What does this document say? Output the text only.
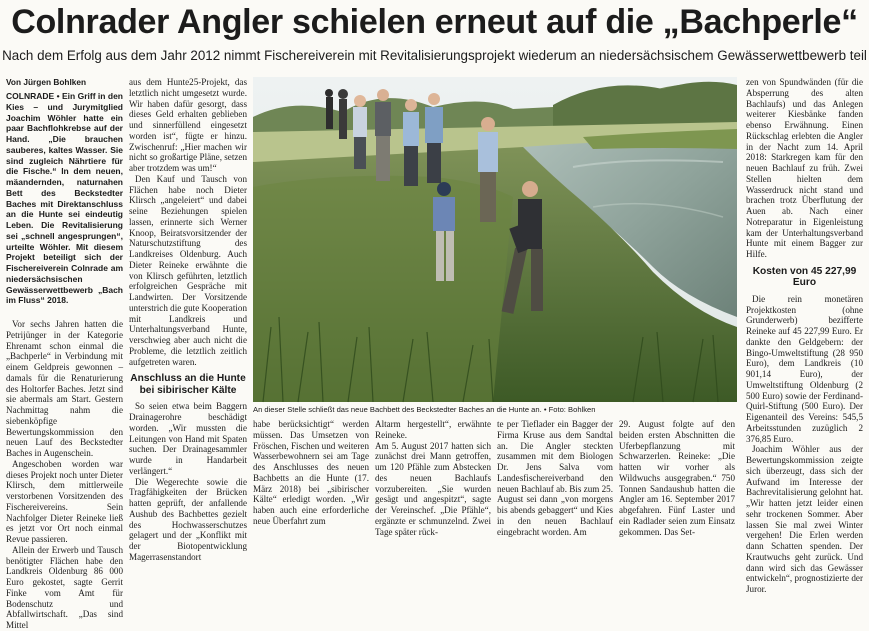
Colnrader Angler schielen erneut auf die „Bachperle“
Nach dem Erfolg aus dem Jahr 2012 nimmt Fischereiverein mit Revitalisierungsprojekt wiederum an niedersächsischem Gewässerwettbewerb teil
Von Jürgen Bohlken
COLNRADE • Ein Griff in den Kies – und Jurymitglied Joachim Wöhler hatte ein paar Bachflohkrebse auf der Hand. „Die brauchen sauberes, kaltes Wasser. Sie sind zugleich Nährtiere für die Fische.“ In dem neuen, mäandernden, naturnahen Bett des Beckstedter Baches mit Direktanschluss an die Hunte sei eindeutig Leben. Die Revitalisierung sei „schnell angesprungen“, urteilte Wöhler. Mit diesem Projekt beteiligt sich der Fischereiverein Colnrade am niedersächsischen Gewässerwettbewerb „Bach im Fluss“ 2018.

Vor sechs Jahren hatten die Petrijünger in der Kategorie Ehrenamt schon einmal die „Bachperle“ in Verbindung mit einem Geldpreis gewonnen – damals für die Renaturierung des Holtorfer Baches. Jetzt sind sie abermals am Start. Gestern Nachmittag nahm die siebenköpfige Bewertungskommission den neuen Lauf des Beckstedter Baches in Augenschein.

Angeschoben worden war dieses Projekt noch unter Dieter Klirsch, dem mittlerweile verstorbenen Vorsitzenden des Fischereivereins. Sein Nachfolger Dieter Reineke ließ es jetzt vor Ort noch einmal Revue passieren.

Allein der Erwerb und Tausch benötigter Flächen habe den Landkreis Oldenburg 86 000 Euro gekostet, sagte Gerrit Finke vom Amt für Bodenschutz und Abfallwirtschaft. „Das sind Mittel

aus dem Hunte25-Projekt, das letztlich nicht umgesetzt wurde. Wir haben dafür gesorgt, dass dieses Geld erhalten geblieben und sinnerfüllend eingesetzt worden ist“, fügte er hinzu. Zwischenruf: „Hier machen wir nicht so großartige Pläne, setzen aber trotzdem was um!“

Den Kauf und Tausch von Flächen habe noch Dieter Klirsch „angeleiert“ und dabei seine Beziehungen spielen lassen, erinnerte sich Werner Knoop, Beiratsvorsitzender der Naturschutzstiftung des Landkreises Oldenburg. Auch Dieter Reineke erwähnte die von Klirsch geführten, letztlich erfolgreichen Gespräche mit Landwirten. Der Vorsitzende unterstrich die gute Kooperation mit Landkreis und Unterhaltungsverband Hunte, verschwieg aber auch nicht die Probleme, die letztlich zeitlich aufgetreten waren.

Anschluss an die Hunte bei sibirischer Kälte

So seien etwa beim Baggern Drainagerohre beschädigt worden. „Wir mussten die Leitungen von Hand mit Spaten suchen. Der Drainagesammler wurde in Handarbeit verlängert.“

Die Wegerechte sowie die Tragfähigkeiten der Brücken hatten geprüft, der anfallende Aushub des Bachbettes gezielt des Hochwasserschutzes gelagert und der „Konflikt mit der Biotopentwicklung Magerrasenstandort

An dieser Stelle schließt das neue Bachbett des Beckstedter Baches an die Hunte an. • Foto: Bohlken

habe berücksichtigt“ werden müssen. Das Umsetzen von Fröschen, Fischen und weiteren Wasserbewohnern sei am Tage des Anschlusses des neuen Bachbetts an die Hunte (17. März 2018) bei „sibirischer Kälte“ erledigt worden. „Wir haben auch eine erforderliche neue Überfahrt zum

Altarm hergestellt“, erwähnte Reineke.
Am 5. August 2017 hatten sich zunächst drei Mann getroffen, um 120 Pfähle zum Abstecken des neuen Bachlaufs vorzubereiten. „Sie wurden gesägt und angespitzt“, sagte der Vereinschef. „Die Pfähle“, ergänzte er schmunzelnd. Zwei Tage später rück-

te per Tieflader ein Bagger der Firma Kruse aus dem Sandtal an. Die Angler steckten zusammen mit dem Biologen Dr. Jens Salva vom Landesfischereiverband den neuen Bachlauf ab. Bis zum 25. August sei dann „von morgens bis abends gebaggert“ und Kies in den neuen Bachlauf eingebracht worden. Am

29. August folgte auf den beiden ersten Abschnitten die Uferbepflanzung mit Schwarzerlen. Reineke: „Die hatten wir vorher als Wildwuchs ausgegraben.“ 750 Tonnen Sandaushub hatten die Angler am 16. September 2017 abgefahren. Fünf Laster und ein Radlader seien zum Einsatz gekommen. Das Set-

zen von Spundwänden (für die Absperrung des alten Bachlaufs) und das Anlegen weiterer Kiesbänke fanden ebenso Erwähnung. Einen Rückschlag erlebten die Angler in der Nacht zum 14. April 2018: Starkregen kam für den neuen Bachlauf zu früh. Zwei Stellen hielten dem Wasserdruck nicht stand und brachen trotz Überflutung der Auen ab. Nach einer Notreparatur in Eigenleistung kam der Unterhaltungsverband Hunte mit einem Bagger zur Hilfe.

Kosten von 45 227,99 Euro

Die rein monetären Projektkosten (ohne Grunderwerb) bezifferte Reineke auf 45 227,99 Euro. Er dankte den Geldgebern: der Bingo-Umweltstiftung (28 950 Euro), dem Landkreis (10 901,14 Euro), der Umweltstiftung Oldenburg (2 500 Euro) sowie der Ferdinand-Quirl-Stiftung (500 Euro). Der Eigenanteil des Vereins: 545,5 Arbeitsstunden zuzüglich 2 376,85 Euro.

Joachim Wöhler aus der Bewertungskommission zeigte sich überzeugt, dass sich der Aufwand im Interesse der Bachrevitalisierung gelohnt hat. „Wir hatten jetzt leider einen sehr trockenen Sommer. Aber lassen Sie mal zwei Winter vergehen! Die Erlen werden dann Schatten spenden. Der Krautwuchs geht zurück. Und dann wird sich das Gewässer entwickeln“, prognostizierte der Juror.
